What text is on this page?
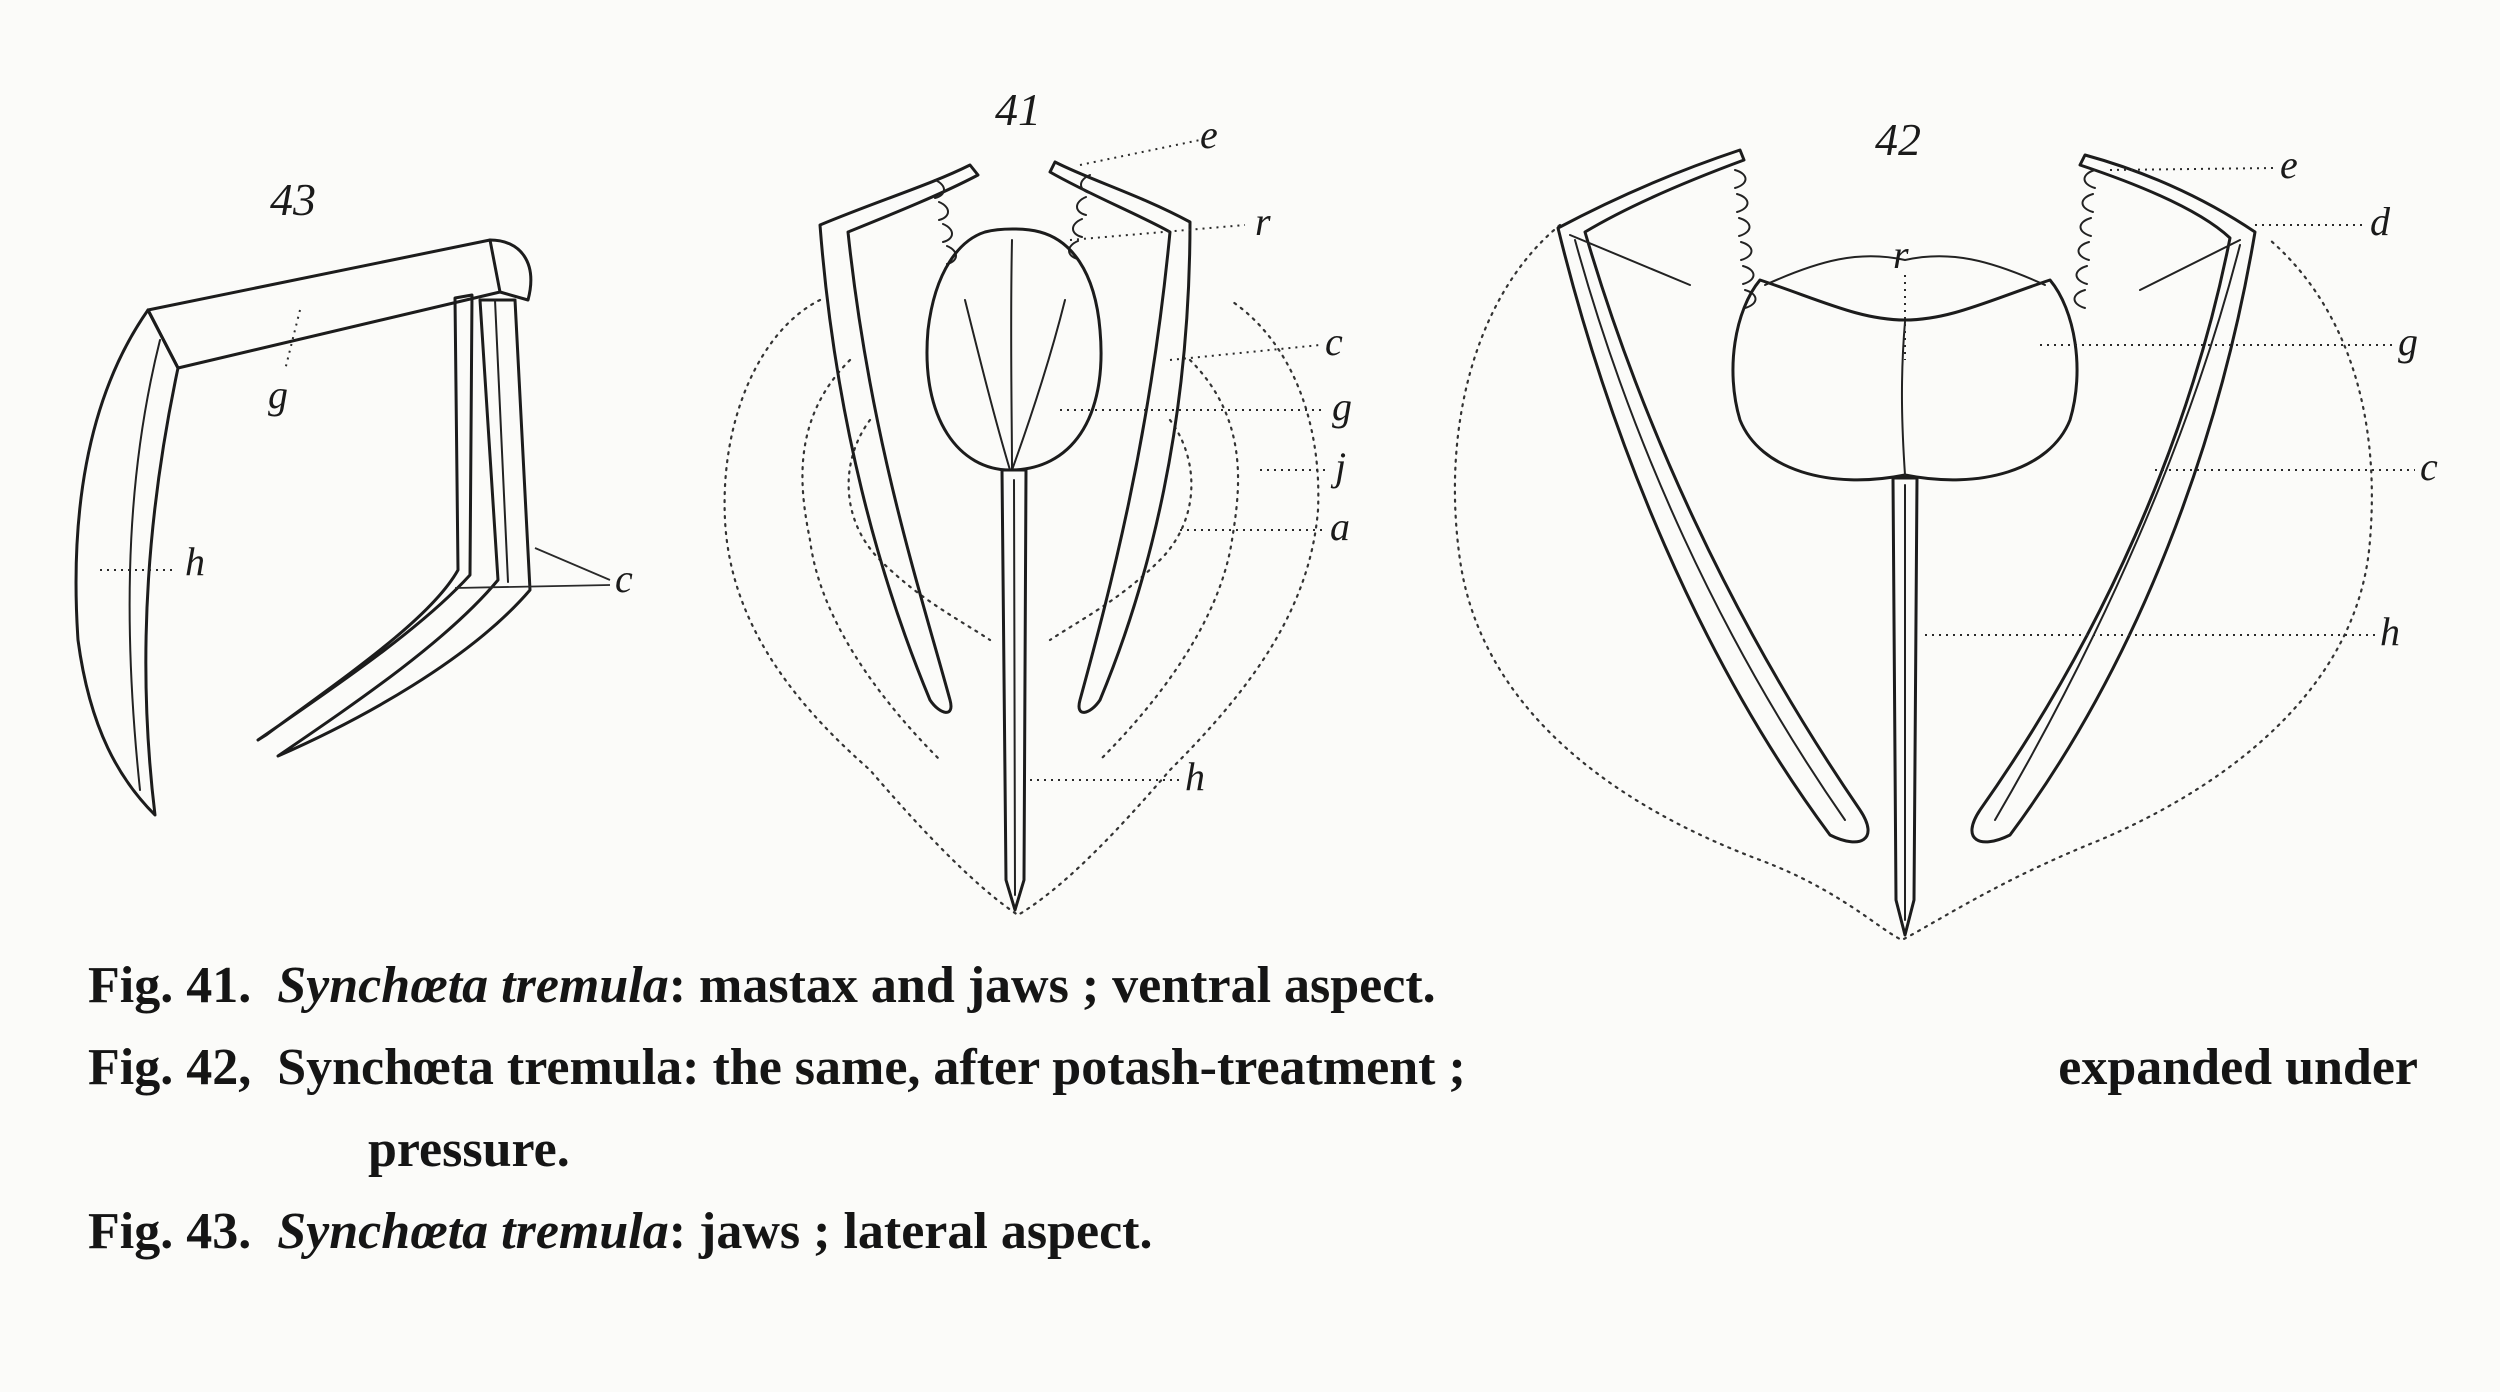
43
g
h	c
41	e
r
c
g
j
a
h
42	e
d
r
g
c
h
Fig. 41. Synchœta tremula: mastax and jaws ; ventral aspect.
Fig. 42, Synchœta tremula: the same, after potash-treatment ;	expanded under
pressure.
Fig. 43. Synchœta tremula: jaws ; lateral aspect.
